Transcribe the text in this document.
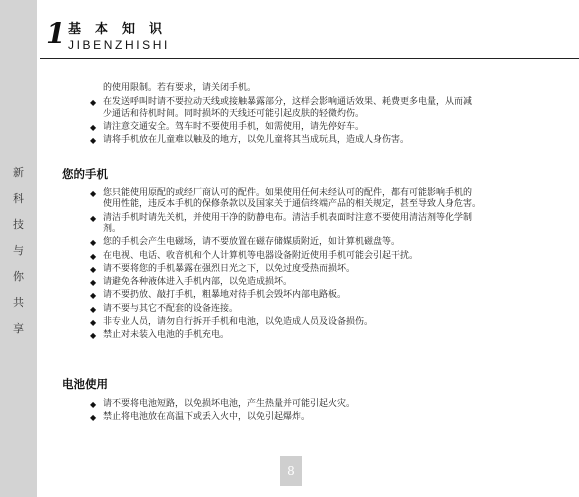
新
科
技
与
你
共
享
1 基本知识
JIBENZHISHI
的使用限制。若有要求，请关闭手机。
◆ 在发送呼叫时请不要拉动天线或接触暴露部分，这样会影响通话效果、耗费更多电量，从而减
少通话和待机时间。同时损坏的天线还可能引起皮肤的轻微灼伤。
◆ 请注意交通安全。驾车时不要使用手机，如需使用，请先停好车。
◆ 请将手机放在儿童难以触及的地方，以免儿童将其当成玩具，造成人身伤害。
您的手机
◆ 您只能使用原配的或经厂商认可的配件。如果使用任何未经认可的配件，都有可能影响手机的
使用性能，违反本手机的保修条款以及国家关于通信终端产品的相关规定，甚至导致人身危害。
◆ 清洁手机时请先关机，并使用干净的防静电布。清洁手机表面时注意不要使用清洁剂等化学制
剂。
◆ 您的手机会产生电磁场，请不要放置在磁存储媒质附近，如计算机磁盘等。
◆ 在电视、电话、收音机和个人计算机等电器设备附近使用手机可能会引起干扰。
◆ 请不要将您的手机暴露在强烈日光之下，以免过度受热而损坏。
◆ 请避免各种液体进入手机内部，以免造成损坏。
◆ 请不要扔放、敲打手机，粗暴地对待手机会毁坏内部电路板。
◆ 请不要与其它不配套的设备连接。
◆ 非专业人员，请勿自行拆开手机和电池，以免造成人员及设备损伤。
◆ 禁止对未装入电池的手机充电。
电池使用
◆ 请不要将电池短路，以免损坏电池，产生热量并可能引起火灾。
◆ 禁止将电池放在高温下或丢入火中，以免引起爆炸。
8
